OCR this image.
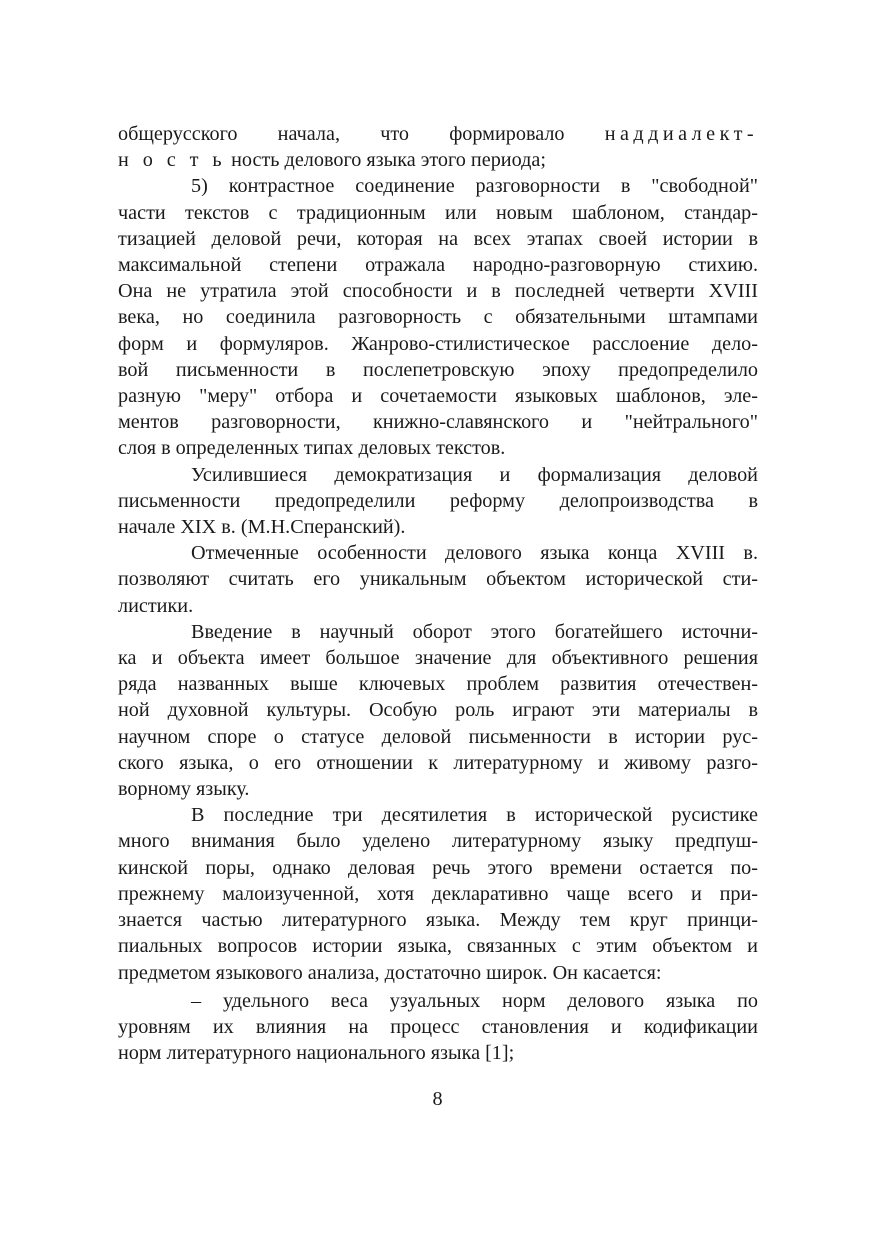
общерусского начала, что формировало наддиалект-
н о с т ь ность делового языка этого периода;
5) контрастное соединение разговорности в "свободной"
части текстов с традиционным или новым шаблоном, стандар-
тизацией деловой речи, которая на всех этапах своей истории в
максимальной степени отражала народно-разговорную стихию.
Она не утратила этой способности и в последней четверти XVIII
века, но соединила разговорность с обязательными штампами
форм и формуляров. Жанрово-стилистическое расслоение дело-
вой письменности в послепетровскую эпоху предопределило
разную "меру" отбора и сочетаемости языковых шаблонов, эле-
ментов разговорности, книжно-славянского и "нейтрального"
слоя в определенных типах деловых текстов.
Усилившиеся демократизация и формализация деловой
письменности предопределили реформу делопроизводства в
начале XIX в. (М.Н.Сперанский).
Отмеченные особенности делового языка конца XVIII в.
позволяют считать его уникальным объектом исторической сти-
листики.
Введение в научный оборот этого богатейшего источни-
ка и объекта имеет большое значение для объективного решения
ряда названных выше ключевых проблем развития отечествен-
ной духовной культуры. Особую роль играют эти материалы в
научном споре о статусе деловой письменности в истории рус-
ского языка, о его отношении к литературному и живому разго-
ворному языку.
В последние три десятилетия в исторической русистике
много внимания было уделено литературному языку предпуш-
кинской поры, однако деловая речь этого времени остается по-
прежнему малоизученной, хотя декларативно чаще всего и при-
знается частью литературного языка. Между тем круг принци-
пиальных вопросов истории языка, связанных с этим объектом и
предметом языкового анализа, достаточно широк. Он касается:
– удельного веса узуальных норм делового языка по
уровням их влияния на процесс становления и кодификации
норм литературного национального языка [1];
8
